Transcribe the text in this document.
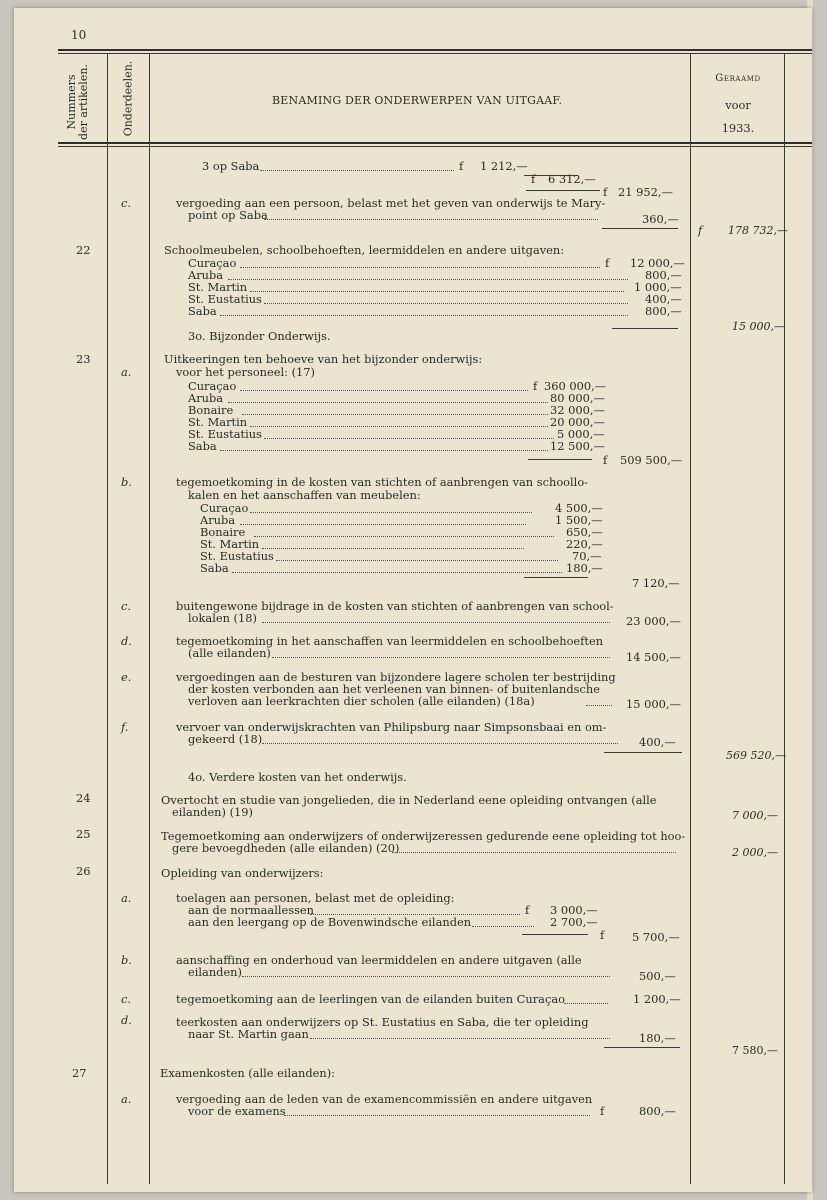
10
Nummers der artikelen.	Onderdeelen.	BENAMING DER ONDERWERPEN VAN UITGAAF.
Geraamd
voor
1933.
3 op Saba	f 1 212,—
f 6 312,—
f 21 952,—
c.	vergoeding aan een persoon, belast met het geven van onderwijs te Mary-
point op Saba	360,—
f 178 732,—
22	Schoolmeubelen, schoolbehoeften, leermiddelen en andere uitgaven:
Curaçao	f 12 000,—
Aruba	800,—
St. Martin	1 000,—
St. Eustatius	400,—
Saba	800,—
15 000,—
3o. Bijzonder Onderwijs.
23	Uitkeeringen ten behoeve van het bijzonder onderwijs:
a.	voor het personeel: (17)
Curaçao	f 360 000,—
Aruba	80 000,—
Bonaire	32 000,—
St. Martin	20 000,—
St. Eustatius	5 000,—
Saba	12 500,—
f 509 500,—
b.	tegemoetkoming in de kosten van stichten of aanbrengen van schoollo-
kalen en het aanschaffen van meubelen:
Curaçao	4 500,—
Aruba	1 500,—
Bonaire	650,—
St. Martin	220,—
St. Eustatius	70,—
Saba	180,—
7 120,—
c.	buitengewone bijdrage in de kosten van stichten of aanbrengen van school-
lokalen (18)	23 000,—
d.	tegemoetkoming in het aanschaffen van leermiddelen en schoolbehoeften
(alle eilanden)	14 500,—
e.	vergoedingen aan de besturen van bijzondere lagere scholen ter bestrijding
der kosten verbonden aan het verleenen van binnen- of buitenlandsche
verloven aan leerkrachten dier scholen (alle eilanden) (18a)	15 000,—
f.	vervoer van onderwijskrachten van Philipsburg naar Simpsonsbaai en om-
gekeerd (18)	400,—
569 520,—
4o. Verdere kosten van het onderwijs.
24	Overtocht en studie van jongelieden, die in Nederland eene opleiding ontvangen (alle
eilanden) (19)	7 000,—
25	Tegemoetkoming aan onderwijzers of onderwijzeressen gedurende eene opleiding tot hoo-
gere bevoegdheden (alle eilanden) (20)	2 000,—
26	Opleiding van onderwijzers:
a.	toelagen aan personen, belast met de opleiding:
aan de normaallessen	f 3 000,—
aan den leergang op de Bovenwindsche eilanden	2 700,—
f 5 700,—
b.	aanschaffing en onderhoud van leermiddelen en andere uitgaven (alle
eilanden)	500,—
c.	tegemoetkoming aan de leerlingen van de eilanden buiten Curaçao	1 200,—
d.	teerkosten aan onderwijzers op St. Eustatius en Saba, die ter opleiding
naar St. Martin gaan	180,—
7 580,—
27	Examenkosten (alle eilanden):
a.	vergoeding aan de leden van de examencommissiën en andere uitgaven
voor de examens	f	800,—
